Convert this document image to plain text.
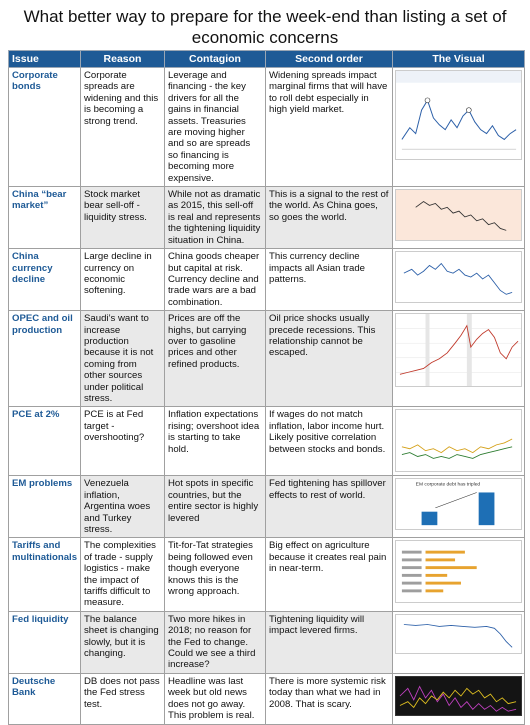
What better way to prepare for the week-end than listing a set of economic concerns
Issue	Reason	Contagion	Second order	The Visual
Corporate bonds	Corporate spreads are widening and this is becoming a strong trend.	Leverage and financing - the key drivers for all the gains in financial assets. Treasuries are moving higher and so are spreads so financing is becoming more expensive.	Widening spreads impact marginal firms that will have to roll debt especially in high yield market.	

China “bear market”	Stock market bear sell-off - liquidity stress.	While not as dramatic as 2015, this sell-off is real and represents the tightening liquidity situation in China.	This is a signal to the rest of the world. As China goes, so goes the world.	

China currency decline	Large decline in currency on economic softening.	China goods cheaper but capital at risk. Currency decline and trade wars are a bad combination.	This currency decline impacts all Asian trade patterns.	

OPEC and oil production	Saudi’s want to increase production because it is not coming from other sources under political stress.	Prices are off the highs, but carrying over to gasoline prices and other refined products.	Oil price shocks usually precede recessions. This relationship cannot be escaped.	

PCE at 2%	PCE is at Fed target - overshooting?	Inflation expectations rising; overshoot idea is starting to take hold.	If wages do not match inflation, labor income hurt. Likely positive correlation between stocks and bonds.	

EM problems	Venezuela inflation, Argentina woes and Turkey stress.	Hot spots in specific countries, but the entire sector is highly levered	Fed tightening has spillover effects to rest of world.	EM corporate debt has tripled

Tariffs and multinationals	The complexities of trade - supply logistics - make the impact of tariffs difficult to measure.	Tit-for-Tat strategies being followed even though everyone knows this is the wrong approach.	Big effect on agriculture because it creates real pain in near-term.	

Fed liquidity	The balance sheet is changing slowly, but it is changing.	Two more hikes in 2018; no reason for the Fed to change. Could we see a third increase?	Tightening liquidity will impact levered firms.	

Deutsche Bank	DB does not pass the Fed stress test.	Headline was last week but old news does not go away. This problem is real.	There is more systemic risk today than what we had in 2008. That is scary.	
